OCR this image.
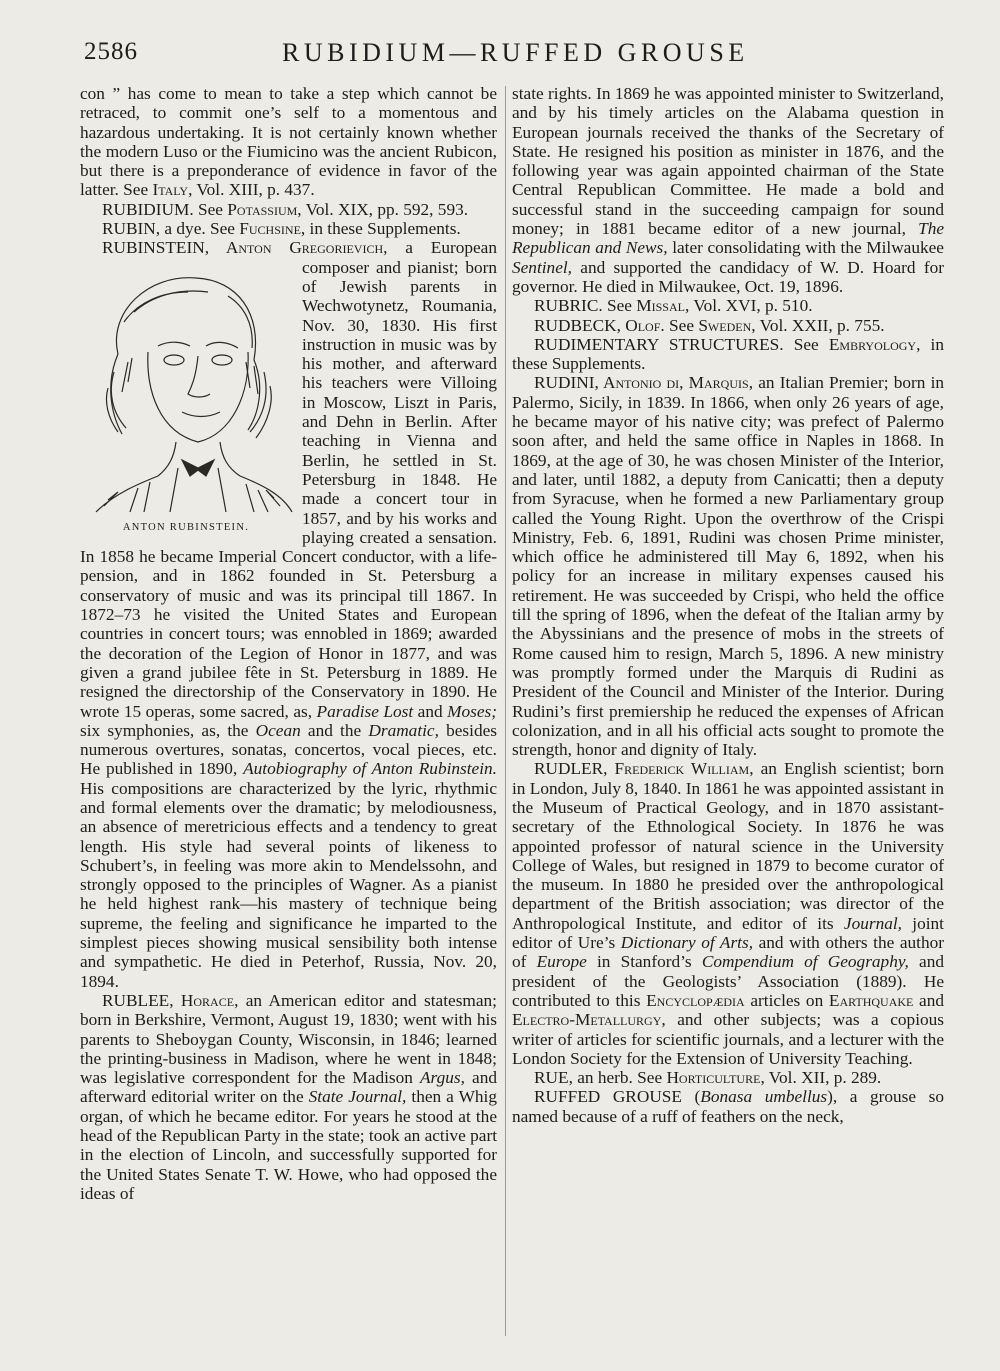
2586	RUBIDIUM—RUFFED GROUSE

con ” has come to mean to take a step which cannot be retraced, to commit one’s self to a momentous and hazardous undertaking. It is not certainly known whether the modern Luso or the Fiumicino was the ancient Rubicon, but there is a preponderance of evidence in favor of the latter. See Italy, Vol. XIII, p. 437.

RUBIDIUM. See Potassium, Vol. XIX, pp. 592, 593.

RUBIN, a dye. See Fuchsine, in these Supplements.

RUBINSTEIN, Anton Gregorievich
ANTON RUBINSTEIN.
, a European composer and pianist; born of Jewish parents in Wechwotynetz, Roumania, Nov. 30, 1830. His first instruction in music was by his mother, and afterward his teachers were Villoing in Moscow, Liszt in Paris, and Dehn in Berlin. After teaching in Vienna and Berlin, he settled in St. Petersburg in 1848. He made a concert tour in 1857, and by his works and playing created a sensation. In 1858 he became Imperial Concert conductor, with a life-pension, and in 1862 founded in St. Petersburg a conservatory of music and was its principal till 1867. In 1872–73 he visited the United States and European countries in concert tours; was ennobled in 1869; awarded the decoration of the Legion of Honor in 1877, and was given a grand jubilee fête in St. Petersburg in 1889. He resigned the directorship of the Conservatory in 1890. He wrote 15 operas, some sacred, as, Paradise Lost and Moses; six symphonies, as, the Ocean and the Dramatic, besides numerous overtures, sonatas, concertos, vocal pieces, etc. He published in 1890, Autobiography of Anton Rubinstein. His compositions are characterized by the lyric, rhythmic and formal elements over the dramatic; by melodiousness, an absence of meretricious effects and a tendency to great length. His style had several points of likeness to Schubert’s, in feeling was more akin to Mendelssohn, and strongly opposed to the principles of Wagner. As a pianist he held highest rank—his mastery of technique being supreme, the feeling and significance he imparted to the simplest pieces showing musical sensibility both intense and sympathetic. He died in Peterhof, Russia, Nov. 20, 1894.

RUBLEE, Horace, an American editor and statesman; born in Berkshire, Vermont, August 19, 1830; went with his parents to Sheboygan County, Wisconsin, in 1846; learned the printing-business in Madison, where he went in 1848; was legislative correspondent for the Madison Argus, and afterward editorial writer on the State Journal, then a Whig organ, of which he became editor. For years he stood at the head of the Republican Party in the state; took an active part in the election of Lincoln, and successfully supported for the United States Senate T. W. Howe, who had opposed the ideas of

state rights. In 1869 he was appointed minister to Switzerland, and by his timely articles on the Alabama question in European journals received the thanks of the Secretary of State. He resigned his position as minister in 1876, and the following year was again appointed chairman of the State Central Republican Committee. He made a bold and successful stand in the succeeding campaign for sound money; in 1881 became editor of a new journal, The Republican and News, later consolidating with the Milwaukee Sentinel, and supported the candidacy of W. D. Hoard for governor. He died in Milwaukee, Oct. 19, 1896.

RUBRIC. See Missal, Vol. XVI, p. 510.

RUDBECK, Olof. See Sweden, Vol. XXII, p. 755.

RUDIMENTARY STRUCTURES. See Embryology, in these Supplements.

RUDINI, Antonio di, Marquis, an Italian Premier; born in Palermo, Sicily, in 1839. In 1866, when only 26 years of age, he became mayor of his native city; was prefect of Palermo soon after, and held the same office in Naples in 1868. In 1869, at the age of 30, he was chosen Minister of the Interior, and later, until 1882, a deputy from Canicatti; then a deputy from Syracuse, when he formed a new Parliamentary group called the Young Right. Upon the overthrow of the Crispi Ministry, Feb. 6, 1891, Rudini was chosen Prime minister, which office he administered till May 6, 1892, when his policy for an increase in military expenses caused his retirement. He was succeeded by Crispi, who held the office till the spring of 1896, when the defeat of the Italian army by the Abyssinians and the presence of mobs in the streets of Rome caused him to resign, March 5, 1896. A new ministry was promptly formed under the Marquis di Rudini as President of the Council and Minister of the Interior. During Rudini’s first premiership he reduced the expenses of African colonization, and in all his official acts sought to promote the strength, honor and dignity of Italy.

RUDLER, Frederick William, an English scientist; born in London, July 8, 1840. In 1861 he was appointed assistant in the Museum of Practical Geology, and in 1870 assistant-secretary of the Ethnological Society. In 1876 he was appointed professor of natural science in the University College of Wales, but resigned in 1879 to become curator of the museum. In 1880 he presided over the anthropological department of the British association; was director of the Anthropological Institute, and editor of its Journal, joint editor of Ure’s Dictionary of Arts, and with others the author of Europe in Stanford’s Compendium of Geography, and president of the Geologists’ Association (1889). He contributed to this Encyclopædia articles on Earthquake and Electro-Metallurgy, and other subjects; was a copious writer of articles for scientific journals, and a lecturer with the London Society for the Extension of University Teaching.

RUE, an herb. See Horticulture, Vol. XII, p. 289.

RUFFED GROUSE (Bonasa umbellus), a grouse so named because of a ruff of feathers on the neck,
